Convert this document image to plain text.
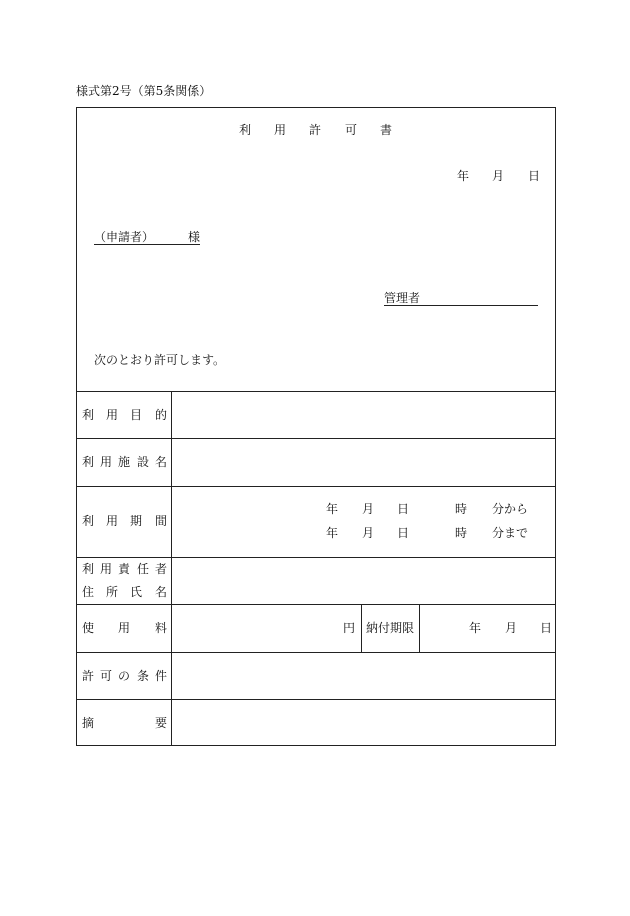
様式第2号（第5条関係）
利 用 許 可 書
年 月 日
（申請者）	様
管理者
次のとおり許可します。
利 用 目 的
利 用 施 設 名
利 用 期 間
年 月 日	時 分から
年 月 日	時 分まで
利 用 責 任 者
住 所 氏 名
使 用 料	円 納付期限	年 月 日
許 可 の 条 件
摘	要
